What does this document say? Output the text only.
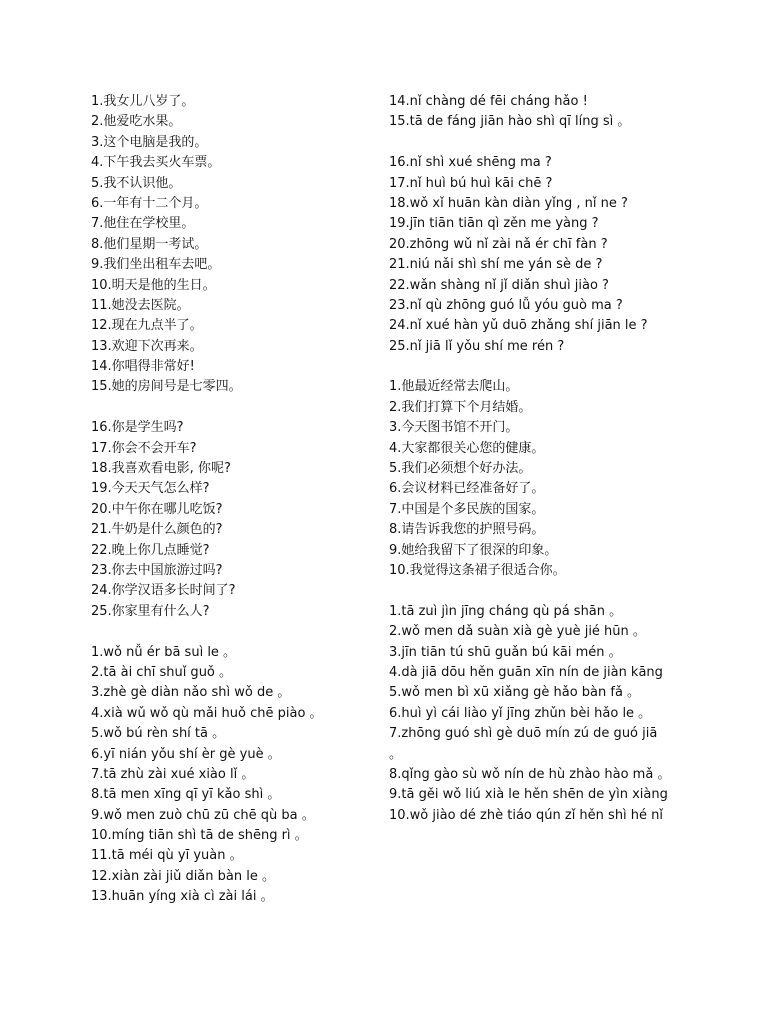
1.我女儿八岁了。
2.他爱吃水果。
3.这个电脑是我的。
4.下午我去买火车票。
5.我不认识他。
6.一年有十二个月。
7.他住在学校里。
8.他们星期一考试。
9.我们坐出租车去吧。
10.明天是他的生日。
11.她没去医院。
12.现在九点半了。
13.欢迎下次再来。
14.你唱得非常好!
15.她的房间号是七零四。
16.你是学生吗?
17.你会不会开车?
18.我喜欢看电影, 你呢?
19.今天天气怎么样?
20.中午你在哪儿吃饭?
21.牛奶是什么颜色的?
22.晚上你几点睡觉?
23.你去中国旅游过吗?
24.你学汉语多长时间了?
25.你家里有什么人?
1.wǒ nǚ ér bā suì le 。
2.tā ài chī shuǐ guǒ 。
3.zhè gè diàn nǎo shì wǒ de 。
4.xià wǔ wǒ qù mǎi huǒ chē piào 。
5.wǒ bú rèn shí tā 。
6.yī nián yǒu shí èr gè yuè 。
7.tā zhù zài xué xiào lǐ 。
8.tā men xīng qī yī kǎo shì 。
9.wǒ men zuò chū zū chē qù ba 。
10.míng tiān shì tā de shēng rì 。
11.tā méi qù yī yuàn 。
12.xiàn zài jiǔ diǎn bàn le 。
13.huān yíng xià cì zài lái 。
14.nǐ chàng dé fēi cháng hǎo !
15.tā de fáng jiān hào shì qī líng sì 。
16.nǐ shì xué shēng ma ?
17.nǐ huì bú huì kāi chē ?
18.wǒ xǐ huān kàn diàn yǐng , nǐ ne ?
19.jīn tiān tiān qì zěn me yàng ?
20.zhōng wǔ nǐ zài nǎ ér chī fàn ?
21.niú nǎi shì shí me yán sè de ?
22.wǎn shàng nǐ jǐ diǎn shuì jiào ?
23.nǐ qù zhōng guó lǚ yóu guò ma ?
24.nǐ xué hàn yǔ duō zhǎng shí jiān le ?
25.nǐ jiā lǐ yǒu shí me rén ?
1.他最近经常去爬山。
2.我们打算下个月结婚。
3.今天图书馆不开门。
4.大家都很关心您的健康。
5.我们必须想个好办法。
6.会议材料已经准备好了。
7.中国是个多民族的国家。
8.请告诉我您的护照号码。
9.她给我留下了很深的印象。
10.我觉得这条裙子很适合你。
1.tā zuì jìn jīng cháng qù pá shān 。
2.wǒ men dǎ suàn xià gè yuè jié hūn 。
3.jīn tiān tú shū guǎn bú kāi mén 。
4.dà jiā dōu hěn guān xīn nín de jiàn kāng
5.wǒ men bì xū xiǎng gè hǎo bàn fǎ 。
6.huì yì cái liào yǐ jīng zhǔn bèi hǎo le 。
7.zhōng guó shì gè duō mín zú de guó jiā
。
8.qǐng gào sù wǒ nín de hù zhào hào mǎ 。
9.tā gěi wǒ liú xià le hěn shēn de yìn xiàng
10.wǒ jiào dé zhè tiáo qún zǐ hěn shì hé nǐ
